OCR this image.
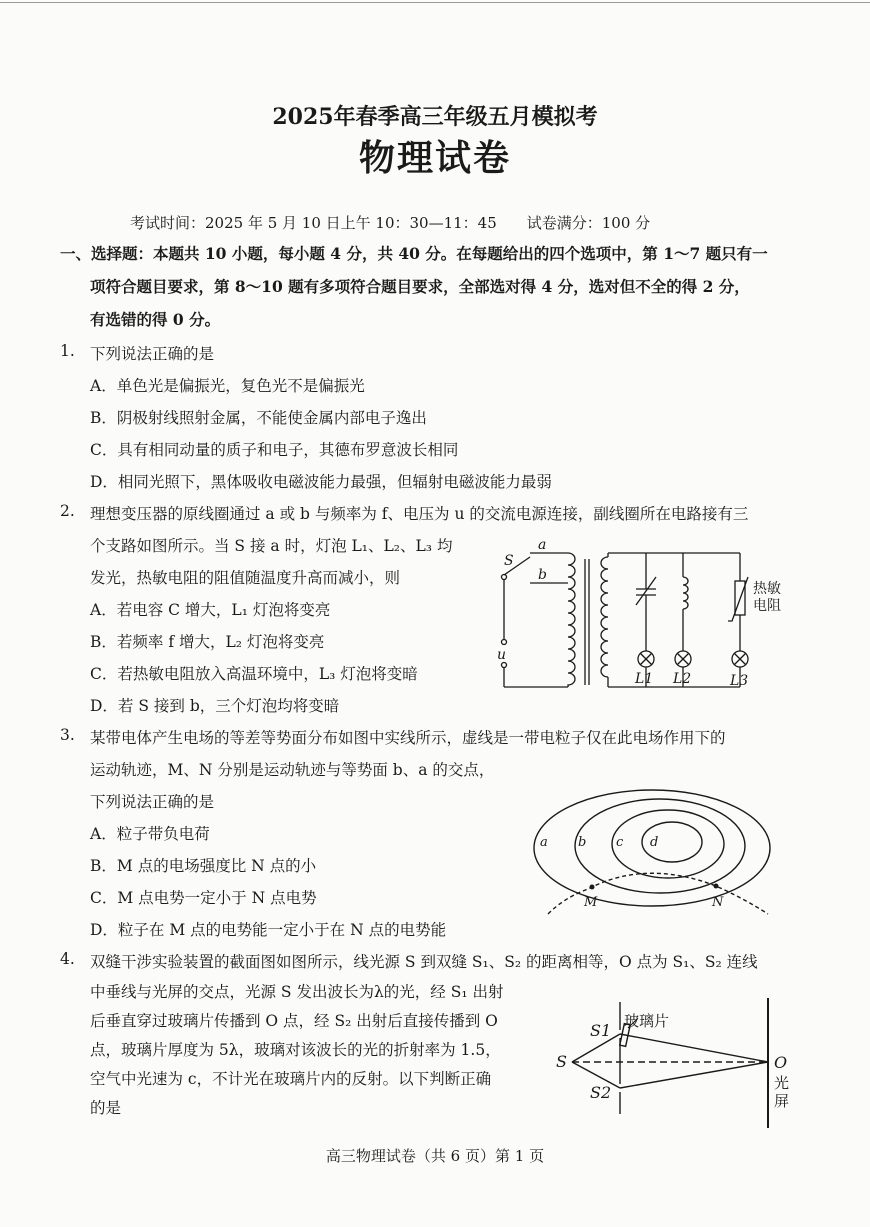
2025年春季高三年级五月模拟考
物理试卷
考试时间：2025 年 5 月 10 日上午 10：30—11：45 试卷满分：100 分
一、选择题：本题共 10 小题，每小题 4 分，共 40 分。在每题给出的四个选项中，第 1～7 题只有一
项符合题目要求，第 8～10 题有多项符合题目要求，全部选对得 4 分，选对但不全的得 2 分，
有选错的得 0 分。
1. 下列说法正确的是
A．单色光是偏振光，复色光不是偏振光
B．阴极射线照射金属，不能使金属内部电子逸出
C．具有相同动量的质子和电子，其德布罗意波长相同
D．相同光照下，黑体吸收电磁波能力最强，但辐射电磁波能力最弱
2. 理想变压器的原线圈通过 a 或 b 与频率为 f、电压为 u 的交流电源连接，副线圈所在电路接有三
个支路如图所示。当 S 接 a 时，灯泡 L₁、L₂、L₃ 均
发光，热敏电阻的阻值随温度升高而减小，则
A．若电容 C 增大，L₁ 灯泡将变亮
B．若频率 f 增大，L₂ 灯泡将变亮
C．若热敏电阻放入高温环境中，L₃ 灯泡将变暗
D．若 S 接到 b，三个灯泡均将变暗
S
a
b
u
L1 L2	L3
热敏
电阻
3. 某带电体产生电场的等差等势面分布如图中实线所示，虚线是一带电粒子仅在此电场作用下的
运动轨迹，M、N 分别是运动轨迹与等势面 b、a 的交点，
下列说法正确的是
A．粒子带负电荷
B．M 点的电场强度比 N 点的小
C．M 点电势一定小于 N 点电势
D．粒子在 M 点的电势能一定小于在 N 点的电势能
a b c d
M	N
4. 双缝干涉实验装置的截面图如图所示，线光源 S 到双缝 S₁、S₂ 的距离相等，O 点为 S₁、S₂ 连线
中垂线与光屏的交点，光源 S 发出波长为λ的光，经 S₁ 出射
后垂直穿过玻璃片传播到 O 点，经 S₂ 出射后直接传播到 O
点，玻璃片厚度为 5λ，玻璃对该波长的光的折射率为 1.5，
空气中光速为 c，不计光在玻璃片内的反射。以下判断正确
的是
S
S1
S2
O
玻璃片
光
屏
高三物理试卷（共 6 页）第 1 页
